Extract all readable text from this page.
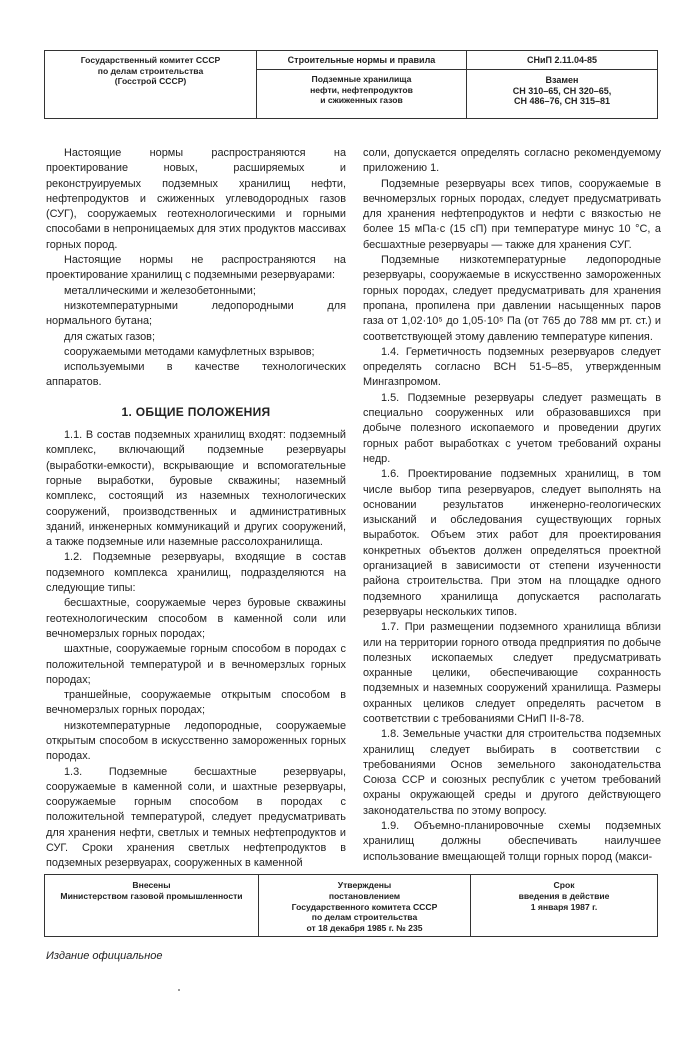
Государственный комитет СССР
по делам строительства
(Госстрой СССР)
Строительные нормы и правила
Подземные хранилища
нефти, нефтепродуктов
и сжиженных газов
СНиП 2.11.04-85
Взамен
СН 310–65, СН 320–65,
СН 486–76, СН 315–81

Настоящие нормы распространяются на проектирование новых, расширяемых и реконструируемых подземных хранилищ нефти, нефтепродуктов и сжиженных углеводородных газов (СУГ), сооружаемых геотехнологическими и горными способами в непроницаемых для этих продуктов массивах горных пород.

Настоящие нормы не распространяются на проектирование хранилищ с подземными резервуарами:

металлическими и железобетонными;

низкотемпературными ледопородными для нормального бутана;

для сжатых газов;

сооружаемыми методами камуфлетных взрывов;

используемыми в качестве технологических аппаратов.

1. ОБЩИЕ ПОЛОЖЕНИЯ

1.1. В состав подземных хранилищ входят: подземный комплекс, включающий подземные резервуары (выработки-емкости), вскрывающие и вспомогательные горные выработки, буровые скважины; наземный комплекс, состоящий из наземных технологических сооружений, производственных и административных зданий, инженерных коммуникаций и других сооружений, а также подземные или наземные рассолохранилища.

1.2. Подземные резервуары, входящие в состав подземного комплекса хранилищ, подразделяются на следующие типы:

бесшахтные, сооружаемые через буровые скважины геотехнологическим способом в каменной соли или вечномерзлых горных породах;

шахтные, сооружаемые горным способом в породах с положительной температурой и в вечномерзлых горных породах;

траншейные, сооружаемые открытым способом в вечномерзлых горных породах;

низкотемпературные ледопородные, сооружаемые открытым способом в искусственно замороженных горных породах.

1.3. Подземные бесшахтные резервуары, сооружаемые в каменной соли, и шахтные резервуары, сооружаемые горным способом в породах с положительной температурой, следует предусматривать для хранения нефти, светлых и темных нефтепродуктов и СУГ. Сроки хранения светлых нефтепродуктов в подземных резервуарах, сооруженных в каменной

соли, допускается определять согласно рекомендуемому приложению 1.

Подземные резервуары всех типов, сооружаемые в вечномерзлых горных породах, следует предусматривать для хранения нефтепродуктов и нефти с вязкостью не более 15 мПа·с (15 сП) при температуре минус 10 °С, а бесшахтные резервуары — также для хранения СУГ.

Подземные низкотемпературные ледопородные резервуары, сооружаемые в искусственно замороженных горных породах, следует предусматривать для хранения пропана, пропилена при давлении насыщенных паров газа от 1,02·10⁵ до 1,05·10⁵ Па (от 765 до 788 мм рт. ст.) и соответствующей этому давлению температуре кипения.

1.4. Герметичность подземных резервуаров следует определять согласно ВСН 51-5–85, утвержденным Мингазпромом.

1.5. Подземные резервуары следует размещать в специально сооруженных или образовавшихся при добыче полезного ископаемого и проведении других горных работ выработках с учетом требований охраны недр.

1.6. Проектирование подземных хранилищ, в том числе выбор типа резервуаров, следует выполнять на основании результатов инженерно-геологических изысканий и обследования существующих горных выработок. Объем этих работ для проектирования конкретных объектов должен определяться проектной организацией в зависимости от степени изученности района строительства. При этом на площадке одного подземного хранилища допускается располагать резервуары нескольких типов.

1.7. При размещении подземного хранилища вблизи или на территории горного отвода предприятия по добыче полезных ископаемых следует предусматривать охранные целики, обеспечивающие сохранность подземных и наземных сооружений хранилища. Размеры охранных целиков следует определять расчетом в соответствии с требованиями СНиП II-8-78.

1.8. Земельные участки для строительства подземных хранилищ следует выбирать в соответствии с требованиями Основ земельного законодательства Союза ССР и союзных республик с учетом требований охраны окружающей среды и другого действующего законодательства по этому вопросу.

1.9. Объемно-планировочные схемы подземных хранилищ должны обеспечивать наилучшее использование вмещающей толщи горных пород (макси-

Внесены
Министерством газовой промышленности
Утверждены
постановлением
Государственного комитета СССР
по делам строительства
от 18 декабря 1985 г. № 235
Срок
введения в действие
1 января 1987 г.
Издание официальное
